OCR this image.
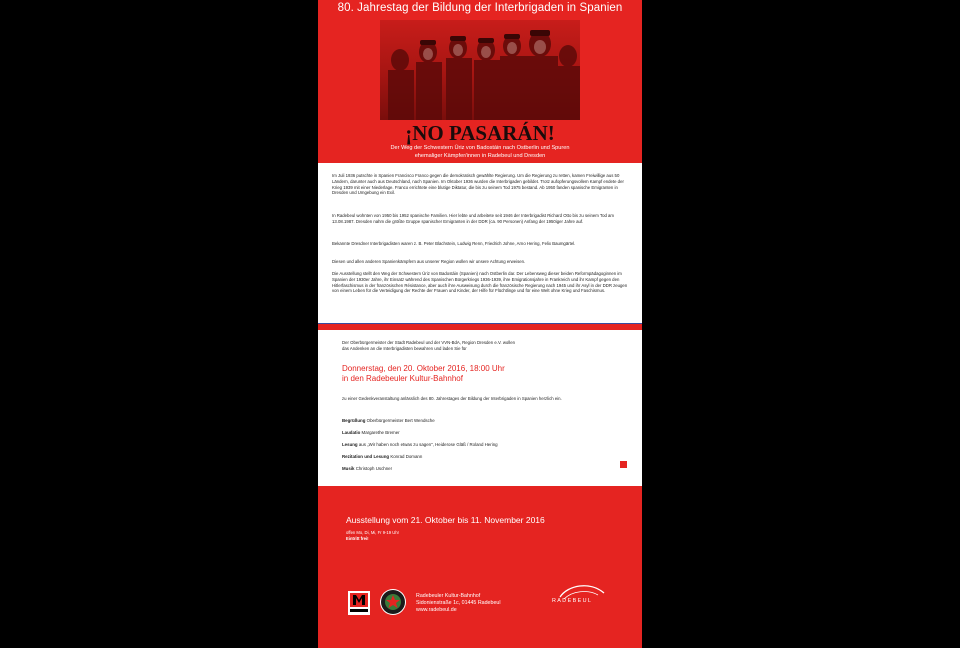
80. Jahrestag der Bildung der Interbrigaden in Spanien
¡NO PASARÁN!
Der Weg der Schwestern Ūriz von Badostáin nach Ostberlin und Spuren
ehemaliger Kämpfer/innen in Radebeul und Dresden

Im Juli 1936 putschte in Spanien Francisco Franco gegen die demokratisch gewählte Regierung. Um die Regierung zu retten, kamen Freiwillige aus 50 Ländern, darunter auch aus Deutschland, nach Spanien. Im Oktober 1936 wurden die Interbrigaden gebildet. Trotz aufopferungsvollem Kampf endete der Krieg 1939 mit einer Niederlage. Franco errichtete eine blutige Diktatur, die bis zu seinem Tod 1975 bestand. Ab 1950 fanden spanische Emigranten in Dresden und Umgebung ein Exil.

In Radebeul wohnten von 1950 bis 1952 spanische Familien. Hier lebte und arbeitete seit 1946 der Interbrigadist Richard Otto bis zu seinem Tod am 13.08.1987. Dresden nahm die größte Gruppe spanischer Emigranten in der DDR (ca. 90 Personen) Anfang der 1950iger Jahre auf.

Bekannte Dresdner Interbrigadisten waren z. B. Peter Blachstein, Ludwig Renn, Friedrich Johne, Arno Hering, Felix Baumgärtel.

Diesen und allen anderen Spanienkämpfern aus unserer Region wollen wir unsere Achtung erweisen.

Die Ausstellung stellt den Weg der Schwestern Ūriz von Badostáin (Spanien) nach Ostberlin dar. Der Lebensweg dieser beiden Reformpädagoginnen im Spanien der 1930er Jahre, ihr Einsatz während des Spanischen Bürgerkriegs 1936-1939, ihre Emigrationsjahre in Frankreich und ihr Kampf gegen den Hitlerfaschismus in der französischen Résistance, aber auch ihre Ausweisung durch die französische Regierung nach 1945 und ihr Asyl in der DDR zeugen von einem Leben für die Verteidigung der Rechte der Frauen und Kinder, der Hilfe für Flüchtlinge und für eine Welt ohne Krieg und Faschismus.

Der Oberbürgermeister der Stadt Radebeul und der VVN-BdA, Region Dresden e.V. wollen
das Andenken an die Interbrigadisten bewahren und laden Sie für
Donnerstag, den 20. Oktober 2016, 18:00 Uhr
in den Radebeuler Kultur-Bahnhof
zu einer Gedenkveranstaltung anlässlich des 80. Jahrestages der Bildung der Interbrigaden in Spanien herzlich ein.
Begrüßung Oberbürgermeister Bert Wendsche
Laudatio Margarethe Bremer
Lesung aus „Wir haben noch etwas zu sagen", Heiderose Gläß / Roland Hering
Rezitation und Lesung Konrad Domann
Musik Christoph Uschner
Ausstellung vom 21. Oktober bis 11. November 2016
offen Mo, Di, Mi, Fr 9-19 Uhr
Eintritt frei!
Radebeuler Kultur-Bahnhof
Sidonienstraße 1c, 01445 Radebeul
www.radebeul.de
RADEBEUL
